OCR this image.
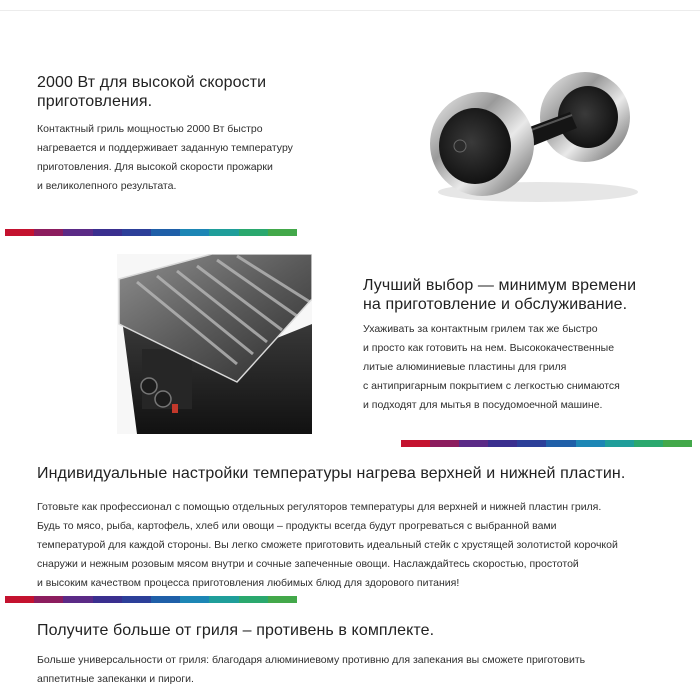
2000 Вт для высокой скорости
приготовления.
Контактный гриль мощностью 2000 Вт быстро
нагревается и поддерживает заданную температуру
приготовления. Для высокой скорости прожарки
и великолепного результата.
Лучший выбор — минимум времени
на приготовление и обслуживание.
Ухаживать за контактным грилем так же быстро
и просто как готовить на нем. Высококачественные
литые алюминиевые пластины для гриля
с антипригарным покрытием с легкостью снимаются
и подходят для мытья в посудомоечной машине.
Индивидуальные настройки температуры нагрева верхней и нижней пластин.
Готовьте как профессионал с помощью отдельных регуляторов температуры для верхней и нижней пластин гриля.
Будь то мясо, рыба, картофель, хлеб или овощи – продукты всегда будут прогреваться с выбранной вами
температурой для каждой стороны. Вы легко сможете приготовить идеальный стейк с хрустящей золотистой корочкой
снаружи и нежным розовым мясом внутри и сочные запеченные овощи. Наслаждайтесь скоростью, простотой
и высоким качеством процесса приготовления любимых блюд для здорового питания!
Получите больше от гриля – противень в комплекте.
Больше универсальности от гриля: благодаря алюминиевому противню для запекания вы сможете приготовить
аппетитные запеканки и пироги.
